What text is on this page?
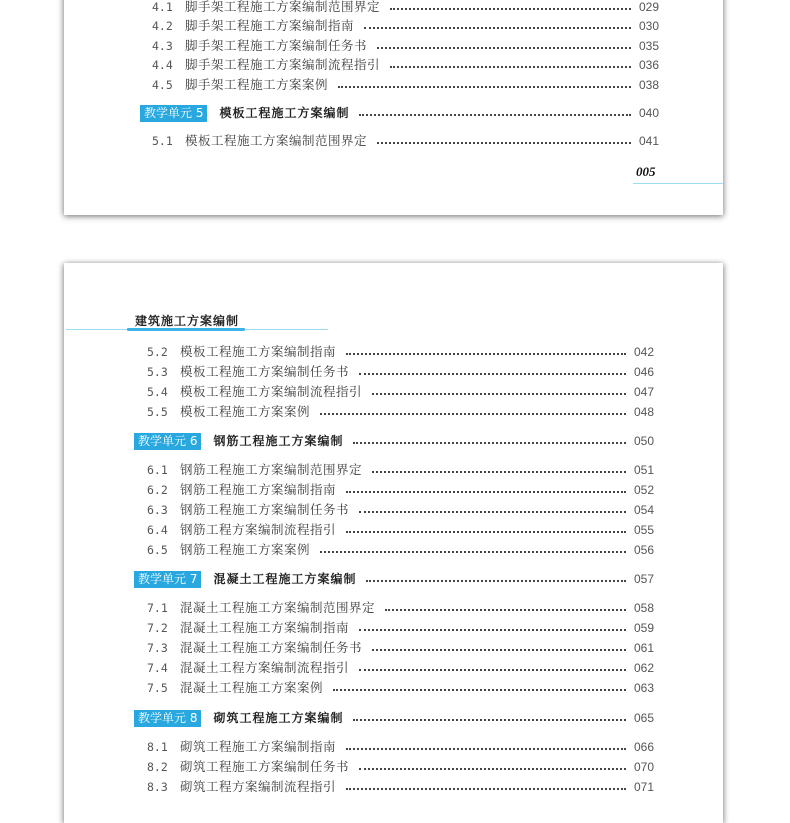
4.1 脚手架工程施工方案编制范围界定	029
4.2 脚手架工程施工方案编制指南	030
4.3 脚手架工程施工方案编制任务书	035
4.4 脚手架工程施工方案编制流程指引	036
4.5 脚手架工程施工方案案例	038
教学单元 5	模板工程施工方案编制	040
5.1 模板工程施工方案编制范围界定	041
005
建筑施工方案编制
5.2 模板工程施工方案编制指南	042
5.3 模板工程施工方案编制任务书	046
5.4 模板工程施工方案编制流程指引	047
5.5 模板工程施工方案案例	048
教学单元 6	钢筋工程施工方案编制	050
6.1 钢筋工程施工方案编制范围界定	051
6.2 钢筋工程施工方案编制指南	052
6.3 钢筋工程施工方案编制任务书	054
6.4 钢筋工程方案编制流程指引	055
6.5 钢筋工程施工方案案例	056
教学单元 7	混凝土工程施工方案编制	057
7.1 混凝土工程施工方案编制范围界定	058
7.2 混凝土工程施工方案编制指南	059
7.3 混凝土工程施工方案编制任务书	061
7.4 混凝土工程方案编制流程指引	062
7.5 混凝土工程施工方案案例	063
教学单元 8	砌筑工程施工方案编制	065
8.1 砌筑工程施工方案编制指南	066
8.2 砌筑工程施工方案编制任务书	070
8.3 砌筑工程方案编制流程指引	071
